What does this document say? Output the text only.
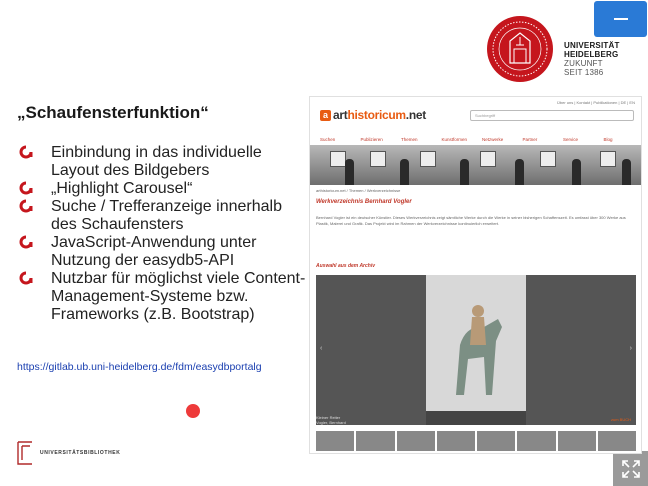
UNIVERSITÄT
HEIDELBERG
ZUKUNFT
SEIT 1386
„Schaufensterfunktion“
Einbindung in das individuelle Layout des Bildgebers
„Highlight Carousel“
Suche / Trefferanzeige innerhalb des Schaufensters
JavaScript-Anwendung unter Nutzung der easydb5-API
Nutzbar für möglichst viele Content-Management-Systeme bzw. Frameworks (z.B. Bootstrap)
https://gitlab.ub.uni-heidelberg.de/fdm/easydbportalg
UNIVERSITÄTSBIBLIOTHEK
Über uns | Kontakt | Publikationen | DE | EN
a arthistoricum.net	Suchbegriff
Suchen	Publizieren	Themen	Kunstformen	Netzwerke	Partner	Service	Blog
arthistoricum.net / Themen / Werkverzeichnisse
Werkverzeichnis Bernhard Vogler
Bernhard Vogler ist ein deutscher Künstler. Dieses Werkverzeichnis zeigt sämtliche Werke durch die Werke in seiner bisherigen Schaffenszeit. Es umfasst über 300 Werke aus Plastik, Malerei und Grafik. Das Projekt wird im Rahmen der Werkverzeichnisse kontinuierlich erweitert.
Auswahl aus dem Archiv
‹	›
Kleiner Reiter
Vogler, Bernhard
zum BUCH
